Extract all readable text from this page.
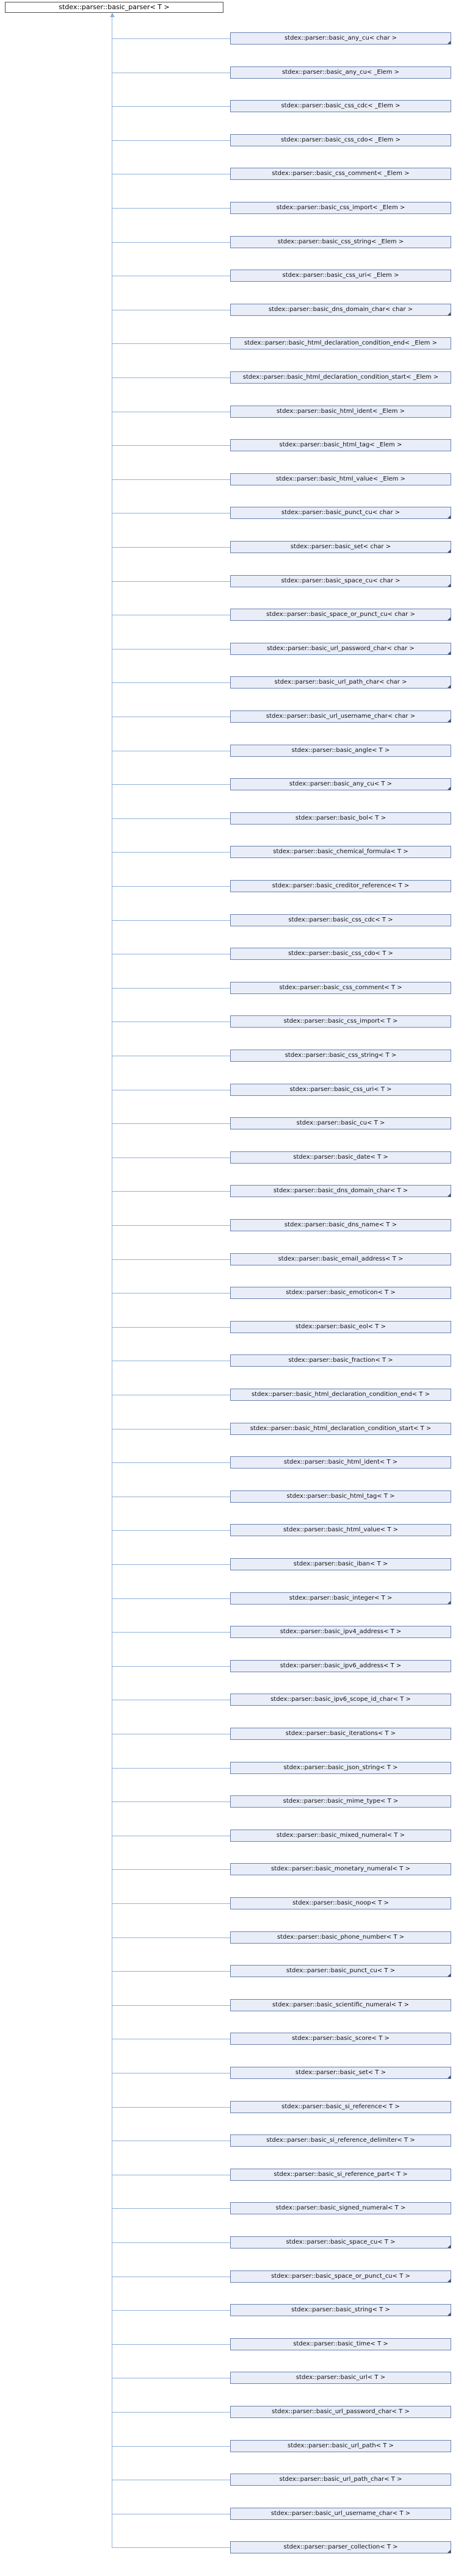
stdex::parser::basic_parser< T >
stdex::parser::basic_any_cu< char >
stdex::parser::basic_any_cu< _Elem >
stdex::parser::basic_css_cdc< _Elem >
stdex::parser::basic_css_cdo< _Elem >
stdex::parser::basic_css_comment< _Elem >
stdex::parser::basic_css_import< _Elem >
stdex::parser::basic_css_string< _Elem >
stdex::parser::basic_css_uri< _Elem >
stdex::parser::basic_dns_domain_char< char >
stdex::parser::basic_html_declaration_condition_end< _Elem >
stdex::parser::basic_html_declaration_condition_start< _Elem >
stdex::parser::basic_html_ident< _Elem >
stdex::parser::basic_html_tag< _Elem >
stdex::parser::basic_html_value< _Elem >
stdex::parser::basic_punct_cu< char >
stdex::parser::basic_set< char >
stdex::parser::basic_space_cu< char >
stdex::parser::basic_space_or_punct_cu< char >
stdex::parser::basic_url_password_char< char >
stdex::parser::basic_url_path_char< char >
stdex::parser::basic_url_username_char< char >
stdex::parser::basic_angle< T >
stdex::parser::basic_any_cu< T >
stdex::parser::basic_bol< T >
stdex::parser::basic_chemical_formula< T >
stdex::parser::basic_creditor_reference< T >
stdex::parser::basic_css_cdc< T >
stdex::parser::basic_css_cdo< T >
stdex::parser::basic_css_comment< T >
stdex::parser::basic_css_import< T >
stdex::parser::basic_css_string< T >
stdex::parser::basic_css_uri< T >
stdex::parser::basic_cu< T >
stdex::parser::basic_date< T >
stdex::parser::basic_dns_domain_char< T >
stdex::parser::basic_dns_name< T >
stdex::parser::basic_email_address< T >
stdex::parser::basic_emoticon< T >
stdex::parser::basic_eol< T >
stdex::parser::basic_fraction< T >
stdex::parser::basic_html_declaration_condition_end< T >
stdex::parser::basic_html_declaration_condition_start< T >
stdex::parser::basic_html_ident< T >
stdex::parser::basic_html_tag< T >
stdex::parser::basic_html_value< T >
stdex::parser::basic_iban< T >
stdex::parser::basic_integer< T >
stdex::parser::basic_ipv4_address< T >
stdex::parser::basic_ipv6_address< T >
stdex::parser::basic_ipv6_scope_id_char< T >
stdex::parser::basic_iterations< T >
stdex::parser::basic_json_string< T >
stdex::parser::basic_mime_type< T >
stdex::parser::basic_mixed_numeral< T >
stdex::parser::basic_monetary_numeral< T >
stdex::parser::basic_noop< T >
stdex::parser::basic_phone_number< T >
stdex::parser::basic_punct_cu< T >
stdex::parser::basic_scientific_numeral< T >
stdex::parser::basic_score< T >
stdex::parser::basic_set< T >
stdex::parser::basic_si_reference< T >
stdex::parser::basic_si_reference_delimiter< T >
stdex::parser::basic_si_reference_part< T >
stdex::parser::basic_signed_numeral< T >
stdex::parser::basic_space_cu< T >
stdex::parser::basic_space_or_punct_cu< T >
stdex::parser::basic_string< T >
stdex::parser::basic_time< T >
stdex::parser::basic_url< T >
stdex::parser::basic_url_password_char< T >
stdex::parser::basic_url_path< T >
stdex::parser::basic_url_path_char< T >
stdex::parser::basic_url_username_char< T >
stdex::parser::parser_collection< T >
